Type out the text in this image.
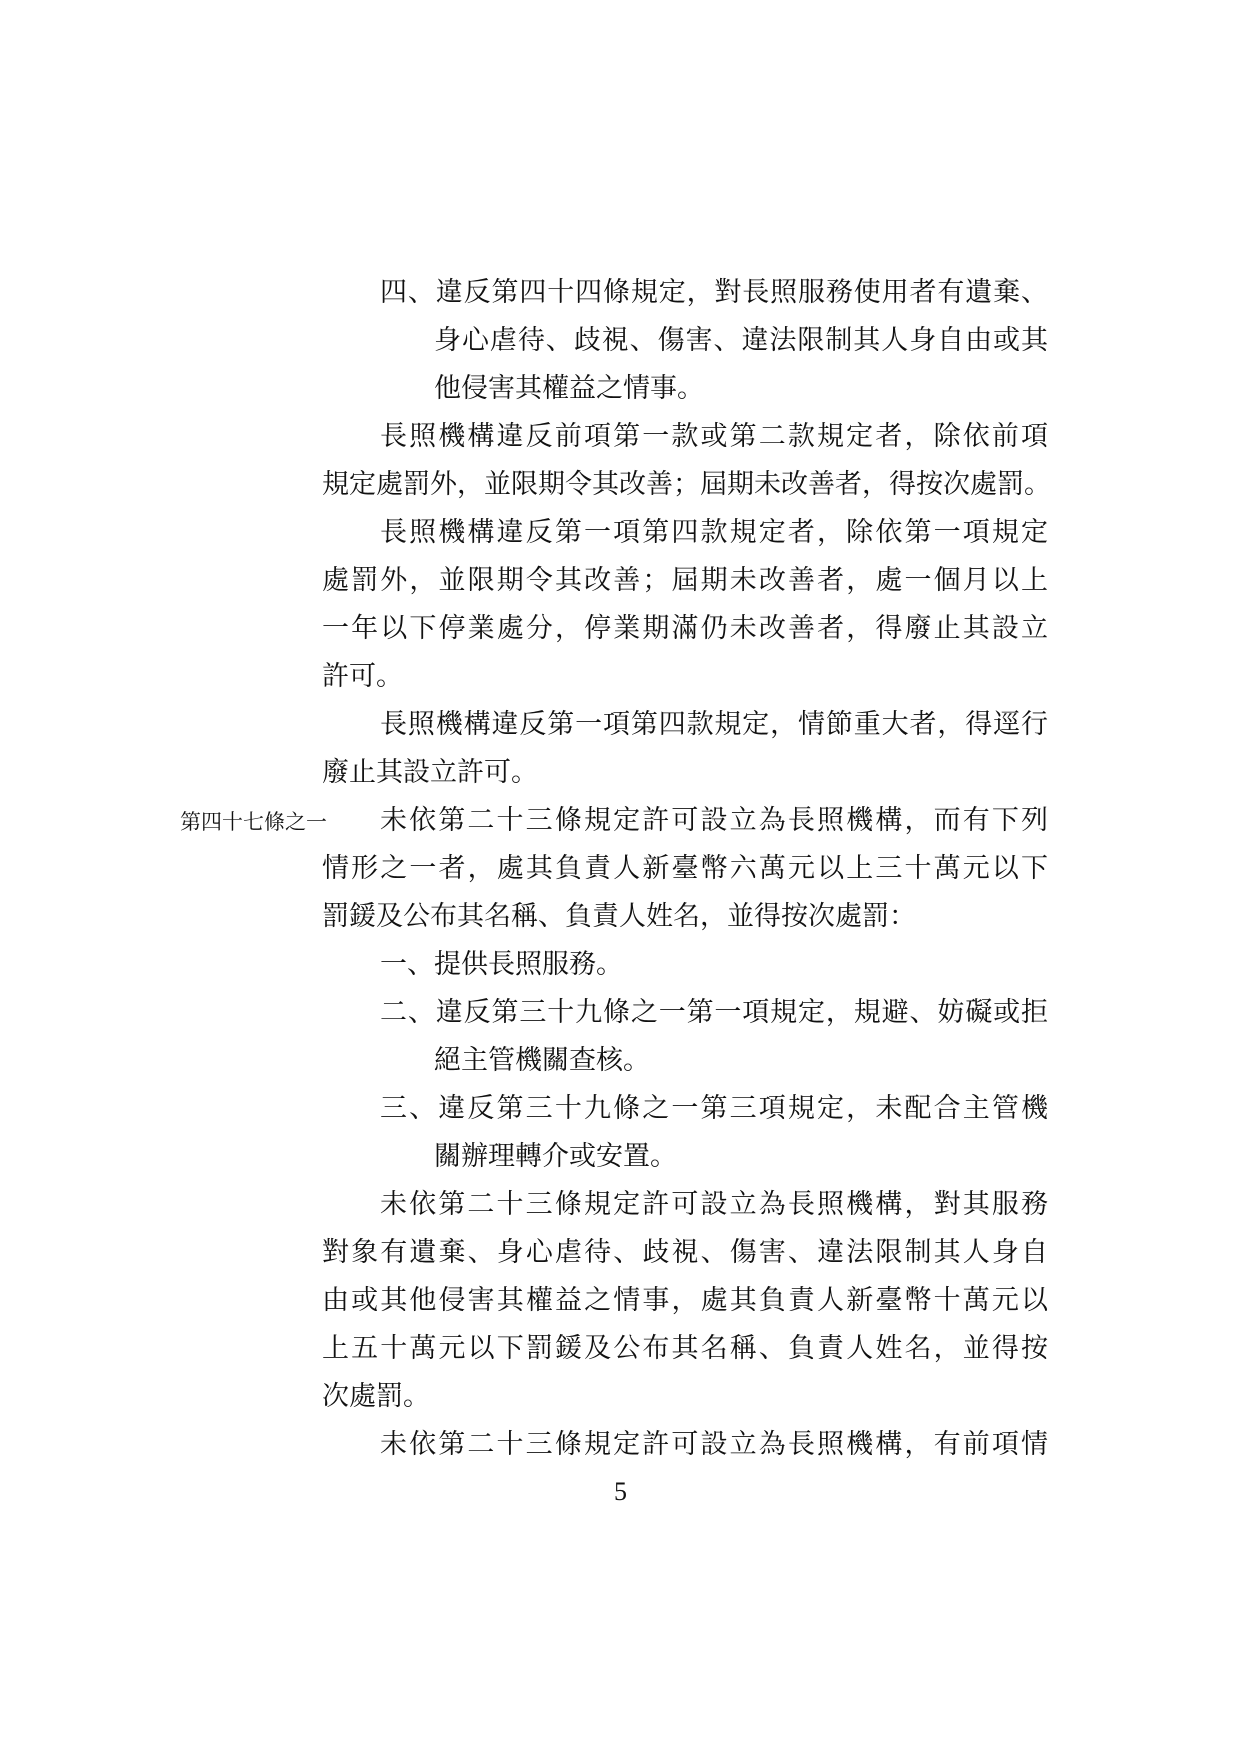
四、違反第四十四條規定，對長照服務使用者有遺棄、
身心虐待、歧視、傷害、違法限制其人身自由或其
他侵害其權益之情事。
長照機構違反前項第一款或第二款規定者，除依前項
規定處罰外，並限期令其改善；屆期未改善者，得按次處罰。
長照機構違反第一項第四款規定者，除依第一項規定
處罰外，並限期令其改善；屆期未改善者，處一個月以上
一年以下停業處分，停業期滿仍未改善者，得廢止其設立
許可。
長照機構違反第一項第四款規定，情節重大者，得逕行
廢止其設立許可。
第四十七條之一 未依第二十三條規定許可設立為長照機構，而有下列
情形之一者，處其負責人新臺幣六萬元以上三十萬元以下
罰鍰及公布其名稱、負責人姓名，並得按次處罰：
一、提供長照服務。
二、違反第三十九條之一第一項規定，規避、妨礙或拒
絕主管機關查核。
三、違反第三十九條之一第三項規定，未配合主管機
關辦理轉介或安置。
未依第二十三條規定許可設立為長照機構，對其服務
對象有遺棄、身心虐待、歧視、傷害、違法限制其人身自
由或其他侵害其權益之情事，處其負責人新臺幣十萬元以
上五十萬元以下罰鍰及公布其名稱、負責人姓名，並得按
次處罰。
未依第二十三條規定許可設立為長照機構，有前項情
5
